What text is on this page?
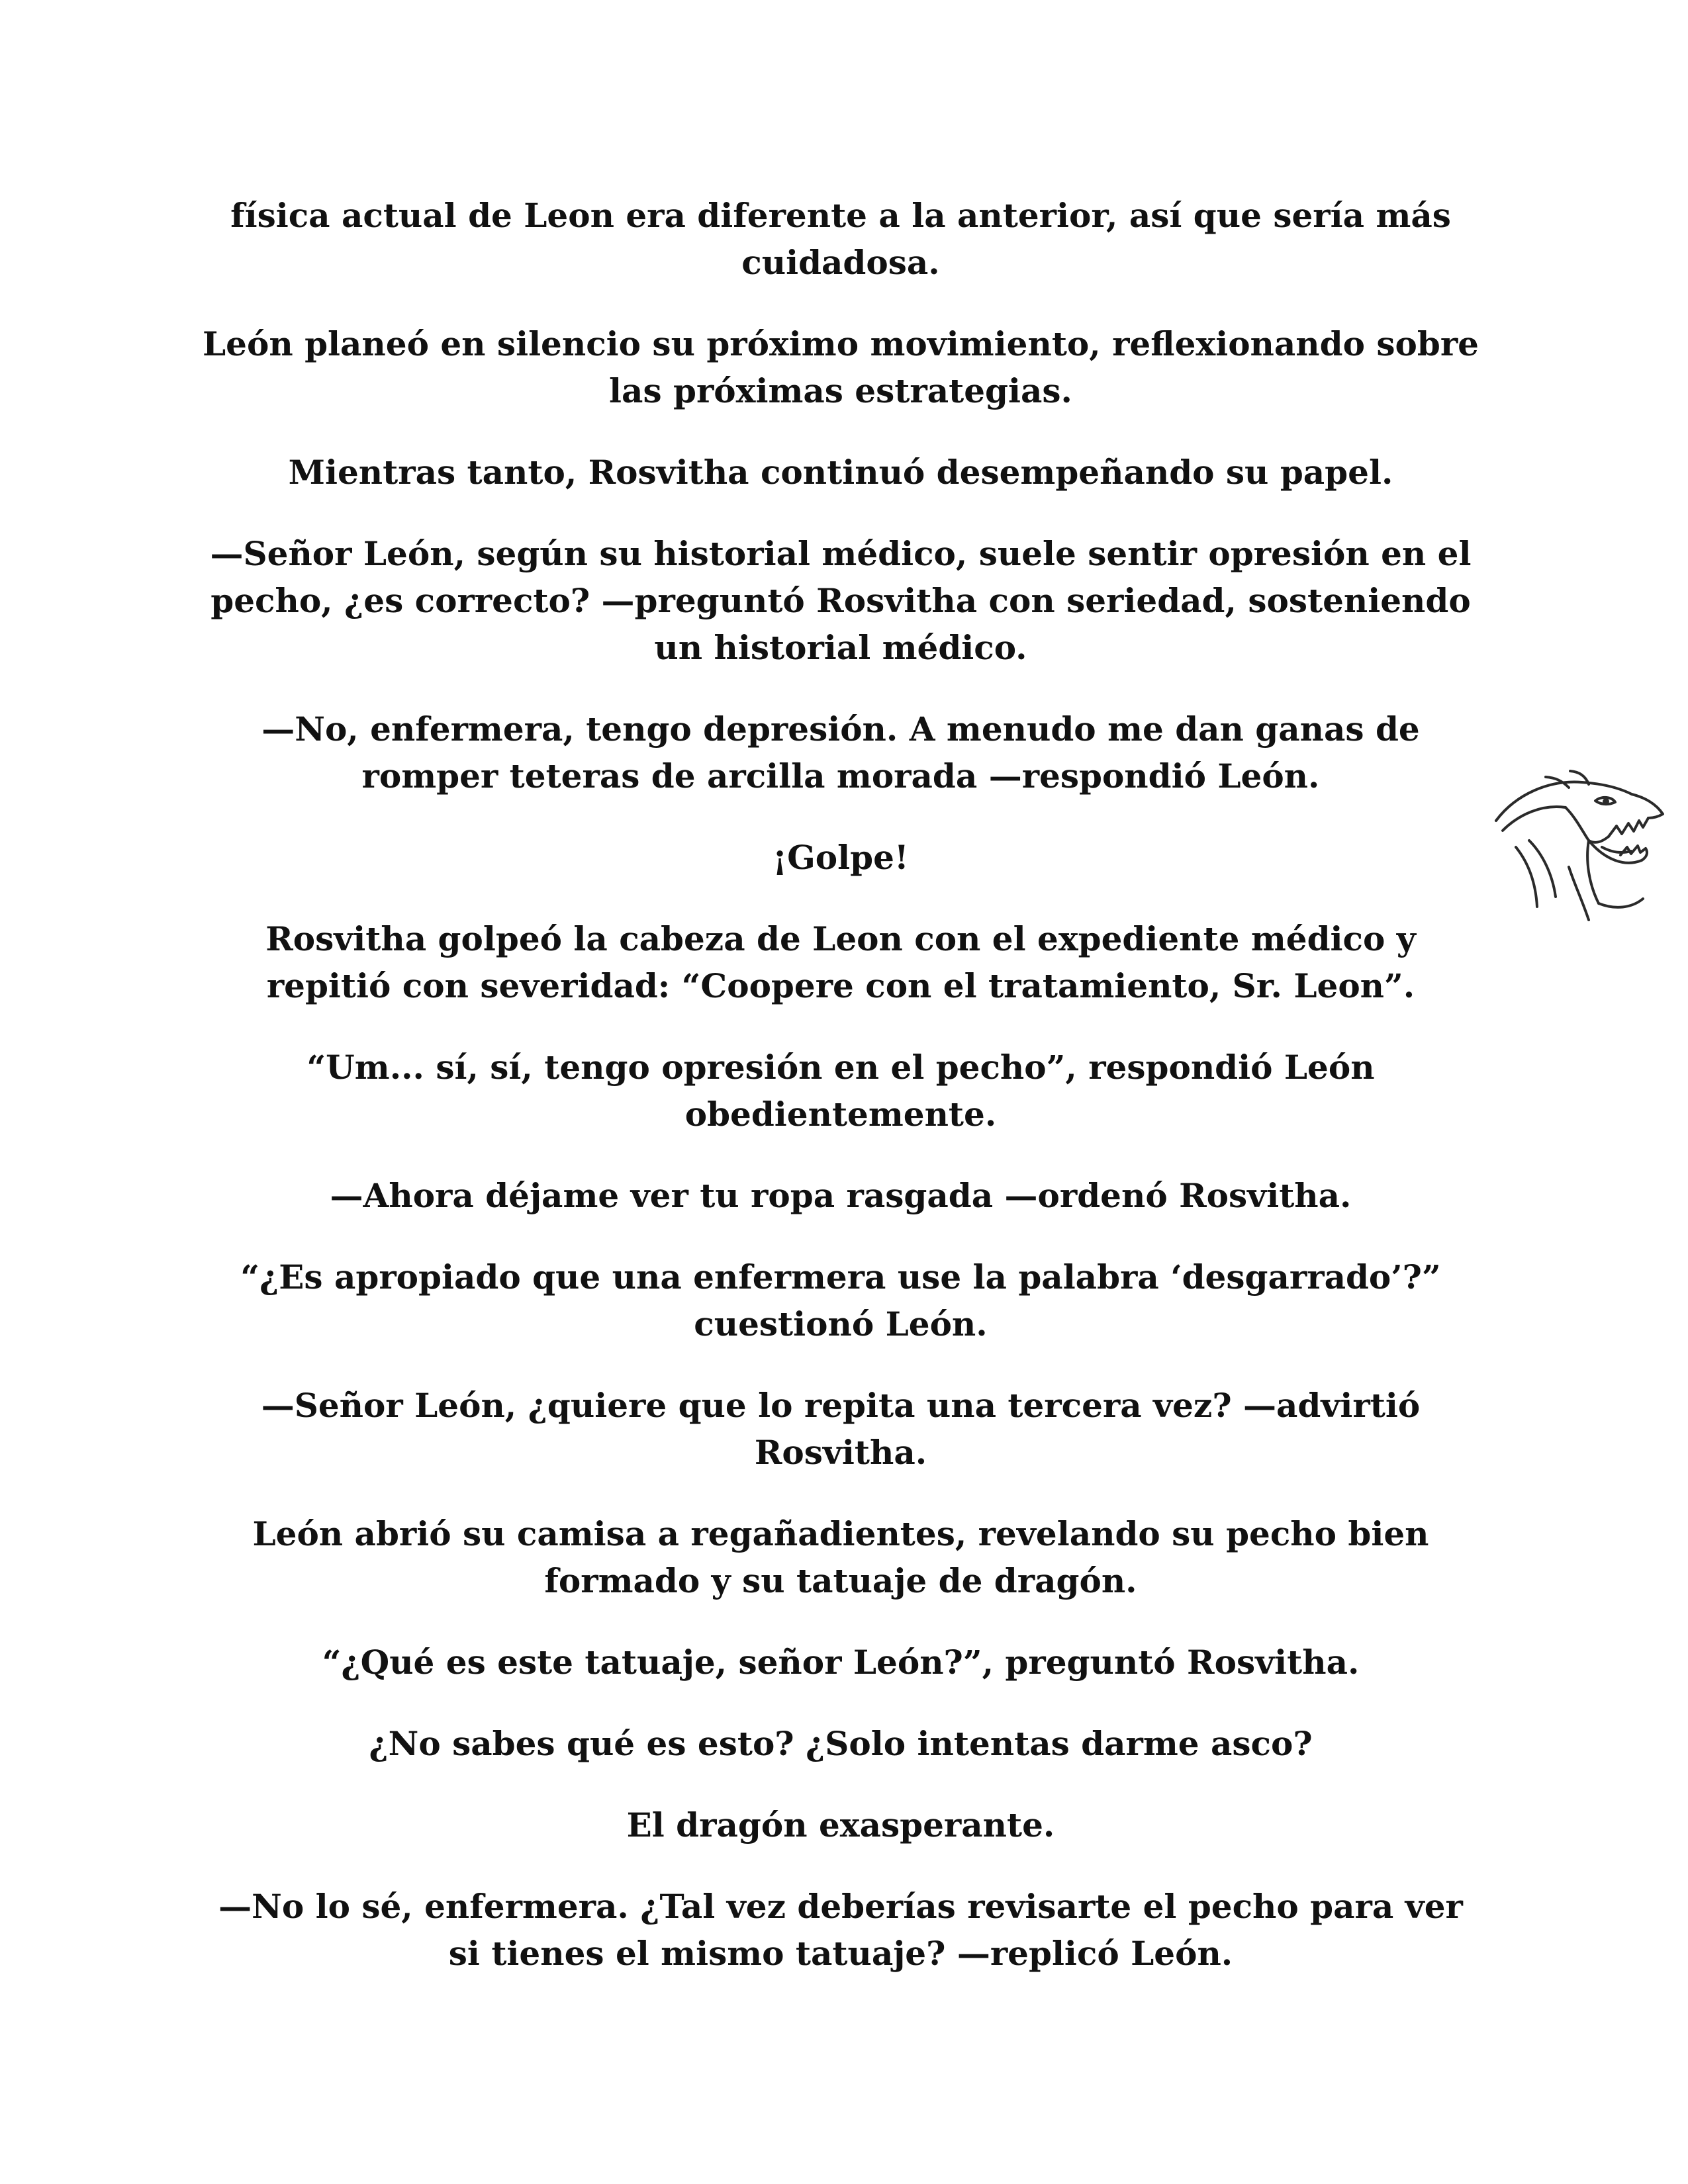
física actual de Leon era diferente a la anterior, así que sería más cuidadosa.

León planeó en silencio su próximo movimiento, reflexionando sobre las próximas estrategias.

Mientras tanto, Rosvitha continuó desempeñando su papel.

—Señor León, según su historial médico, suele sentir opresión en el pecho, ¿es correcto? —preguntó Rosvitha con seriedad, sosteniendo un historial médico.

—No, enfermera, tengo depresión. A menudo me dan ganas de romper teteras de arcilla morada —respondió León.

¡Golpe!

Rosvitha golpeó la cabeza de Leon con el expediente médico y repitió con severidad: “Coopere con el tratamiento, Sr. Leon”.

“Um... sí, sí, tengo opresión en el pecho”, respondió León obedientemente.

—Ahora déjame ver tu ropa rasgada —ordenó Rosvitha.

“¿Es apropiado que una enfermera use la palabra ‘desgarrado’?” cuestionó León.

—Señor León, ¿quiere que lo repita una tercera vez? —advirtió Rosvitha.

León abrió su camisa a regañadientes, revelando su pecho bien formado y su tatuaje de dragón.

“¿Qué es este tatuaje, señor León?”, preguntó Rosvitha.

¿No sabes qué es esto? ¿Solo intentas darme asco?

El dragón exasperante.

—No lo sé, enfermera. ¿Tal vez deberías revisarte el pecho para ver si tienes el mismo tatuaje? —replicó León.
